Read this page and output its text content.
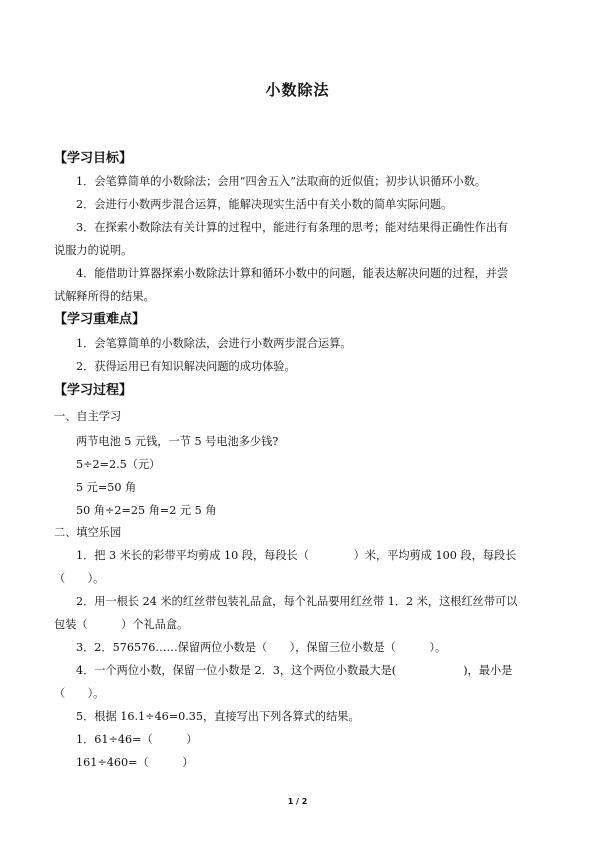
小数除法
【学习目标】
1．会笔算简单的小数除法；会用“四舍五入”法取商的近似值；初步认识循环小数。
2．会进行小数两步混合运算，能解决现实生活中有关小数的简单实际问题。
3．在探索小数除法有关计算的过程中，能进行有条理的思考；能对结果得正确性作出有
说服力的说明。
4．能借助计算器探索小数除法计算和循环小数中的问题，能表达解决问题的过程，并尝
试解释所得的结果。
【学习重难点】
1．会笔算简单的小数除法，会进行小数两步混合运算。
2．获得运用已有知识解决问题的成功体验。
【学习过程】
一、自主学习
两节电池 5 元钱，一节 5 号电池多少钱?
5÷2=2.5（元）
5 元=50 角
50 角÷2=25 角=2 元 5 角
二、填空乐园
1．把 3 米长的彩带平均剪成 10 段，每段长（　　　　）米，平均剪成 100 段，每段长
（　　）。
2．用一根长 24 米的红丝带包装礼品盒，每个礼品要用红丝带 1．2 米，这根红丝带可以
包装（　　　）个礼品盒。
3．2．576576……保留两位小数是（　　），保留三位小数是（　　　）。
4．一个两位小数，保留一位小数是 2．3，这个两位小数最大是(　　　　　　)，最小是
（　　）。
5．根据 16.1÷46=0.35，直接写出下列各算式的结果。
1．61÷46=（　　　）
161÷460=（　　　）
1 / 2
